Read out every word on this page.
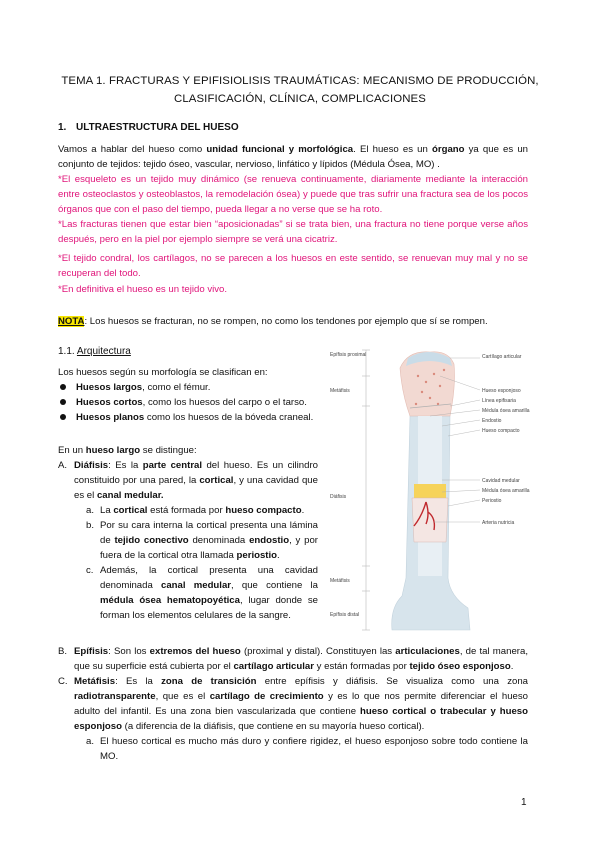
TEMA 1. FRACTURAS Y EPIFISIOLISIS TRAUMÁTICAS: MECANISMO DE PRODUCCIÓN,
CLASIFICACIÓN, CLÍNICA, COMPLICACIONES
1. ULTRAESTRUCTURA DEL HUESO
Vamos a hablar del hueso como unidad funcional y morfológica. El hueso es un órgano ya que es un conjunto de tejidos: tejido óseo, vascular, nervioso, linfático y lípidos (Médula Ósea, MO) .
*El esqueleto es un tejido muy dinámico (se renueva continuamente, diariamente mediante la interacción entre osteoclastos y osteoblastos, la remodelación ósea) y puede que tras sufrir una fractura sea de los pocos órganos que con el paso del tiempo, pueda llegar a no verse que se ha roto.
*Las fracturas tienen que estar bien “aposicionadas” si se trata bien, una fractura no tiene porque verse años después, pero en la piel por ejemplo siempre se verá una cicatriz.
*El tejido condral, los cartílagos, no se parecen a los huesos en este sentido, se renuevan muy mal y no se recuperan del todo.
*En definitiva el hueso es un tejido vivo.
NOTA: Los huesos se fracturan, no se rompen, no como los tendones por ejemplo que sí se rompen.
1.1. Arquitectura
Los huesos según su morfología se clasifican en:
Huesos largos, como el fémur.
Huesos cortos, como los huesos del carpo o el tarso.
Huesos planos como los huesos de la bóveda craneal.
En un hueso largo se distingue:
A. Diáfisis: Es la parte central del hueso. Es un cilindro constituido por una pared, la cortical, y una cavidad que es el canal medular.
a. La cortical está formada por hueso compacto.
b. Por su cara interna la cortical presenta una lámina de tejido conectivo denominada endostio, y por fuera de la cortical otra llamada periostio.
c. Además, la cortical presenta una cavidad denominada canal medular, que contiene la médula ósea hematopoyética, lugar donde se forman los elementos celulares de la sangre.
B. Epífisis: Son los extremos del hueso (proximal y distal). Constituyen las articulaciones, de tal manera, que su superficie está cubierta por el cartílago articular y están formadas por tejido óseo esponjoso.
C. Metáfisis: Es la zona de transición entre epífisis y diáfisis. Se visualiza como una zona radiotransparente, que es el cartílago de crecimiento y es lo que nos permite diferenciar el hueso adulto del infantil. Es una zona bien vascularizada que contiene hueso cortical o trabecular y hueso esponjoso (a diferencia de la diáfisis, que contiene en su mayoría hueso cortical).
a. El hueso cortical es mucho más duro y confiere rigidez, el hueso esponjoso sobre todo contiene la MO.
Epífisis proximal
Metáfisis
Diáfisis
Metáfisis
Epífisis distal
Cartílago articular
Hueso esponjoso
Línea epifisaria
Médula ósea amarilla
Endostio
Hueso compacto
Cavidad medular
Médula ósea amarilla
Periostio
Arteria nutricia
1
